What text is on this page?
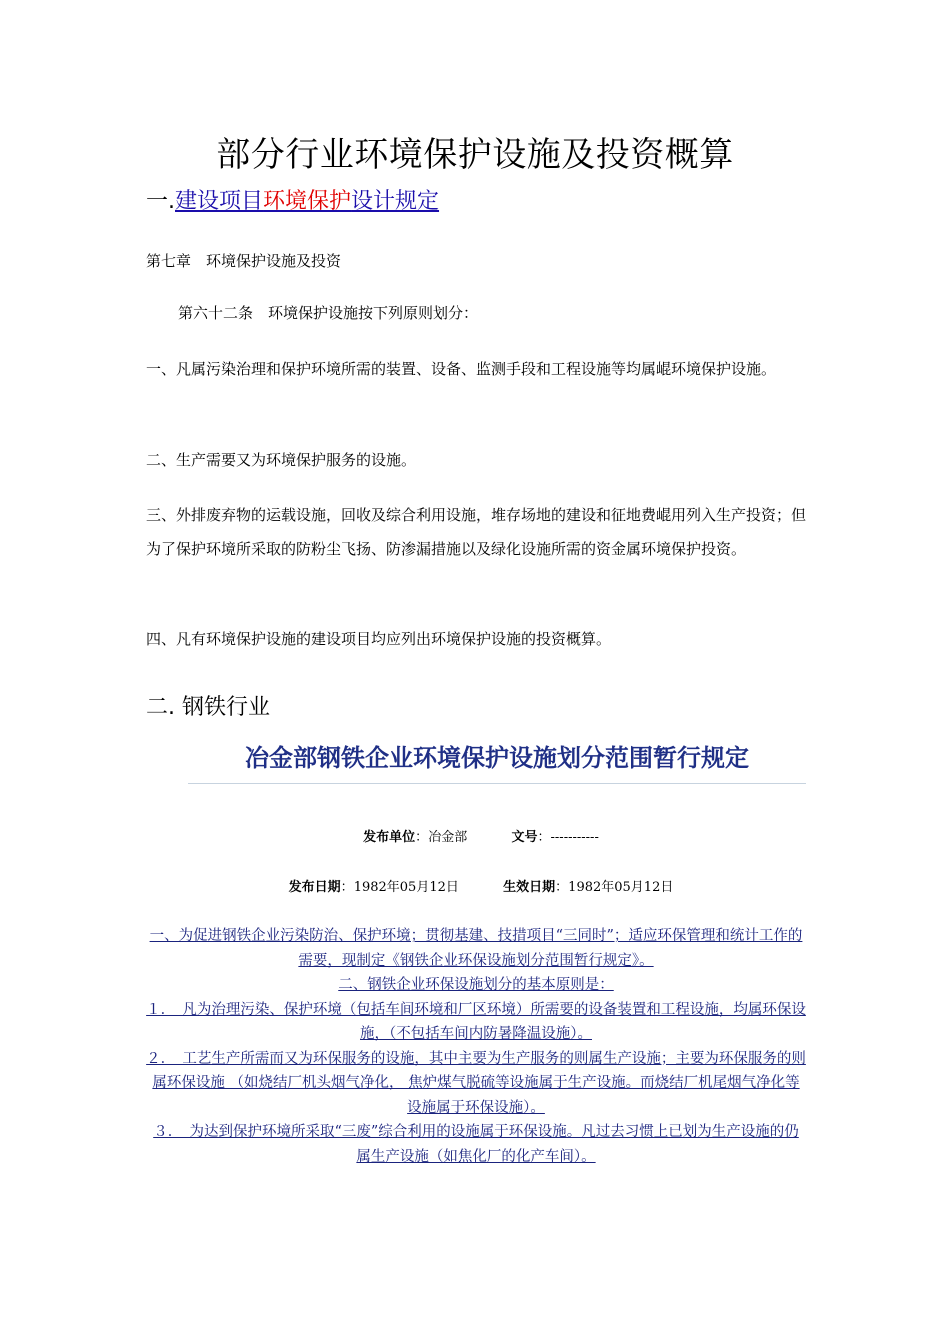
部分行业环境保护设施及投资概算
一.建设项目环境保护设计规定

第七章　环境保护设施及投资

第六十二条　环境保护设施按下列原则划分：

一、凡属污染治理和保护环境所需的装置、设备、监测手段和工程设施等均属崐环境保护设施。

二、生产需要又为环境保护服务的设施。

三、外排废弃物的运载设施，回收及综合利用设施，堆存场地的建设和征地费崐用列入生产投资；但为了保护环境所采取的防粉尘飞扬、防渗漏措施以及绿化设施所需的资金属环境保护投资。

四、凡有环境保护设施的建设项目均应列出环境保护设施的投资概算。

二. 钢铁行业
冶金部钢铁企业环境保护设施划分范围暂行规定
发布单位：冶金部	文号：-----------
发布日期：1982年05月12日	生效日期：1982年05月12日
一、为促进钢铁企业污染防治、保护环境；贯彻基建、技措项目“三同时”；适应环保管理和统计工作的需要，现制定《钢铁企业环保设施划分范围暂行规定》。
二、钢铁企业环保设施划分的基本原则是：
１．　凡为治理污染、保护环境（包括车间环境和厂区环境）所需要的设备装置和工程设施，均属环保设施，（不包括车间内防暑降温设施）。
２．　工艺生产所需而又为环保服务的设施，其中主要为生产服务的则属生产设施；主要为环保服务的则属环保设施 （如烧结厂机头烟气净化， 焦炉煤气脱硫等设施属于生产设施。而烧结厂机尾烟气净化等设施属于环保设施）。
３．　为达到保护环境所采取“三废”综合利用的设施属于环保设施。凡过去习惯上已划为生产设施的仍属生产设施（如焦化厂的化产车间）。
